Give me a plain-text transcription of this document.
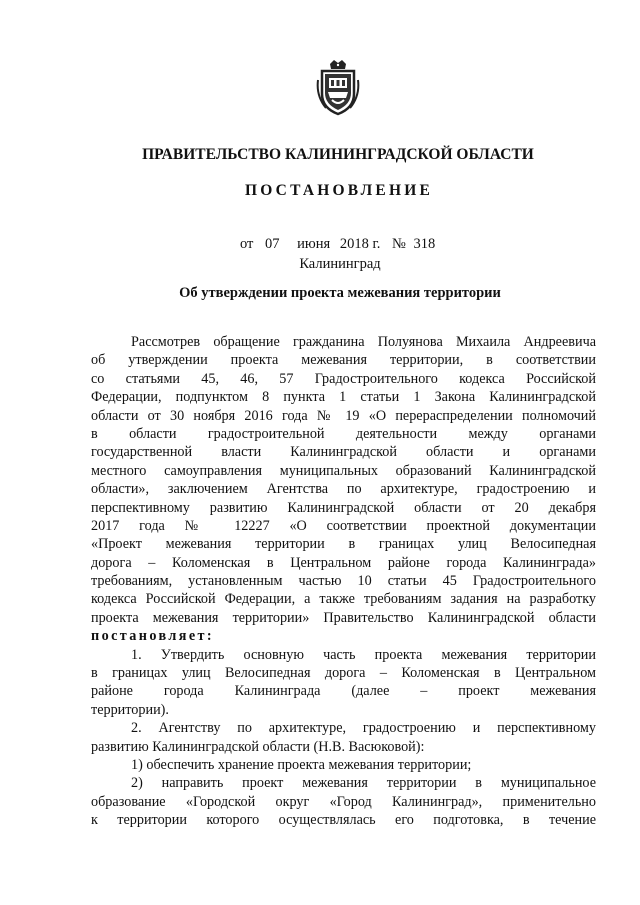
ПРАВИТЕЛЬСТВО КАЛИНИНГРАДСКОЙ ОБЛАСТИ
ПОСТАНОВЛЕНИЕ
от 07 июня 2018 г. № 318
Калининград
Об утверждении проекта межевания территории
Рассмотрев обращение гражданина Полуянова Михаила Андреевича
об утверждении проекта межевания территории, в соответствии
со статьями 45, 46, 57 Градостроительного кодекса Российской
Федерации, подпунктом 8 пункта 1 статьи 1 Закона Калининградской
области от 30 ноября 2016 года № 19 «О перераспределении полномочий
в области градостроительной деятельности между органами
государственной власти Калининградской области и органами
местного самоуправления муниципальных образований Калининградской
области», заключением Агентства по архитектуре, градостроению и
перспективному развитию Калининградской области от 20 декабря
2017 года № 12227 «О соответствии проектной документации
«Проект межевания территории в границах улиц Велосипедная
дорога – Коломенская в Центральном районе города Калининграда»
требованиям, установленным частью 10 статьи 45 Градостроительного
кодекса Российской Федерации, а также требованиям задания на разработку
проекта межевания территории» Правительство Калининградской области
постановляет:
1. Утвердить основную часть проекта межевания территории
в границах улиц Велосипедная дорога – Коломенская в Центральном
районе города Калининграда (далее – проект межевания
территории).
2. Агентству по архитектуре, градостроению и перспективному
развитию Калининградской области (Н.В. Васюковой):
1) обеспечить хранение проекта межевания территории;
2) направить проект межевания территории в муниципальное
образование «Городской округ «Город Калининград», применительно
к территории которого осуществлялась его подготовка, в течение
